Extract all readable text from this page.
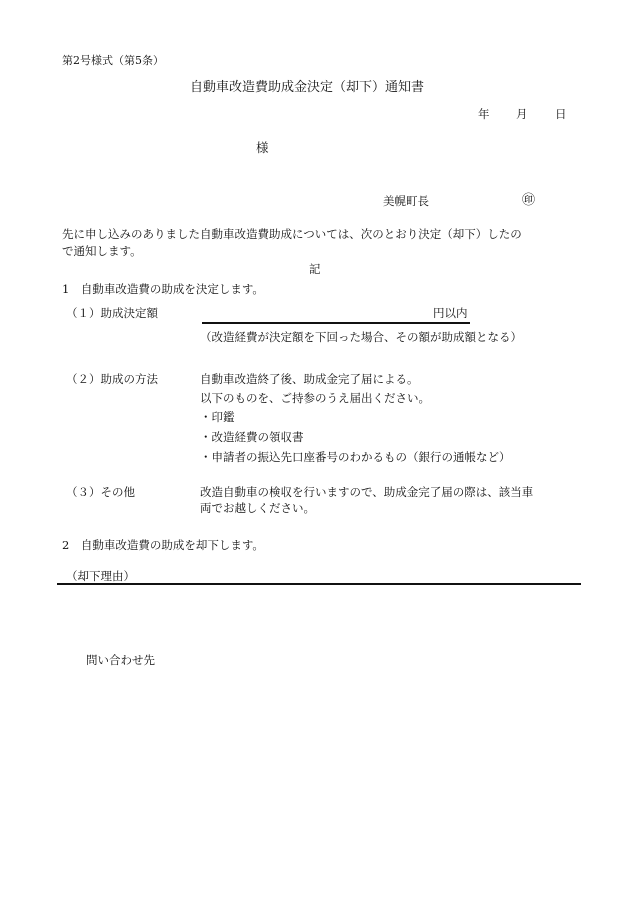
第2号様式（第5条）
自動車改造費助成金決定（却下）通知書
年 月 日
様
美幌町長	㊞
先に申し込みのありました自動車改造費助成については、次のとおり決定（却下）したの
で通知します。
記
1　自動車改造費の助成を決定します。
（１）助成決定額	円以内
（改造経費が決定額を下回った場合、その額が助成額となる）
（２）助成の方法	自動車改造終了後、助成金完了届による。
以下のものを、ご持参のうえ届出ください。
・印鑑
・改造経費の領収書
・申請者の振込先口座番号のわかるもの（銀行の通帳など）
（３）その他	改造自動車の検収を行いますので、助成金完了届の際は、該当車
両でお越しください。
2　自動車改造費の助成を却下します。
（却下理由）
問い合わせ先
